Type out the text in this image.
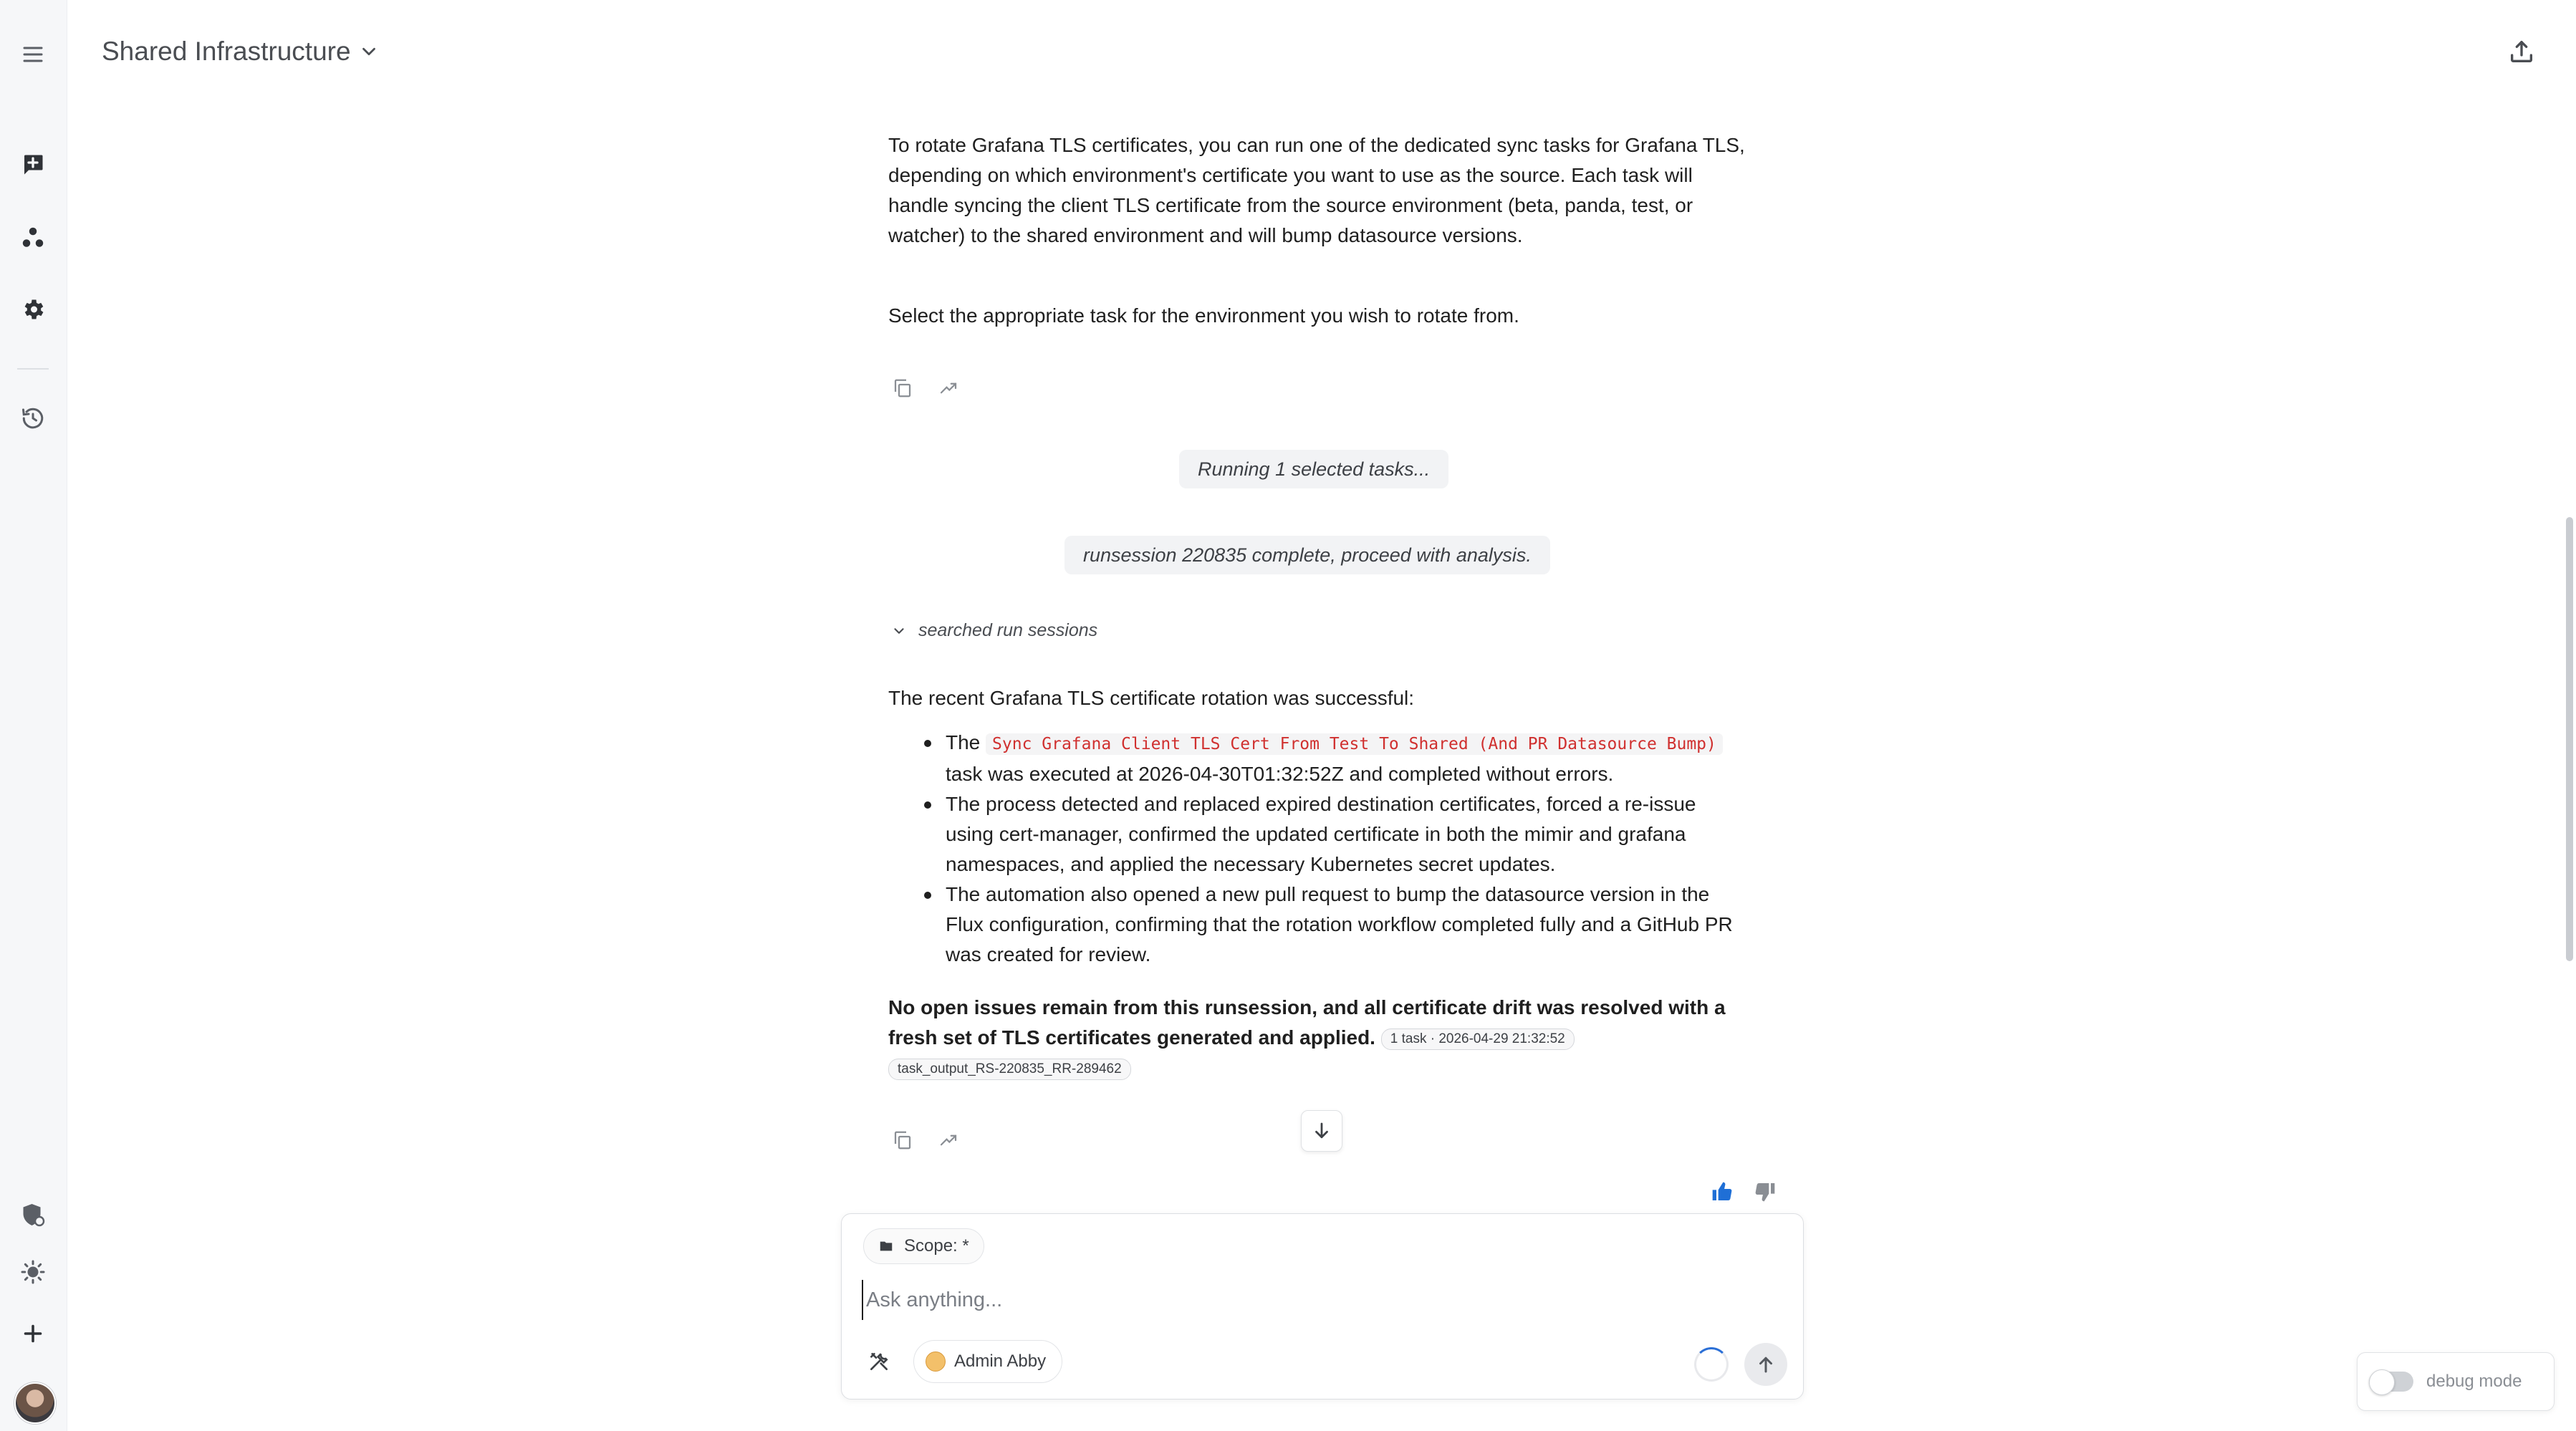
Shared Infrastructure

To rotate Grafana TLS certificates, you can run one of the dedicated sync tasks for Grafana TLS, depending on which environment's certificate you want to use as the source. Each task will handle syncing the client TLS certificate from the source environment (beta, panda, test, or watcher) to the shared environment and will bump datasource versions.

Select the appropriate task for the environment you wish to rotate from.

Running 1 selected tasks...
runsession 220835 complete, proceed with analysis.
searched run sessions

The recent Grafana TLS certificate rotation was successful:

The Sync Grafana Client TLS Cert From Test To Shared (And PR Datasource Bump)
task was executed at 2026-04-30T01:32:52Z and completed without errors.
The process detected and replaced expired destination certificates, forced a re-issue using cert-manager, confirmed the updated certificate in both the mimir and grafana namespaces, and applied the necessary Kubernetes secret updates.
The automation also opened a new pull request to bump the datasource version in the Flux configuration, confirming that the rotation workflow completed fully and a GitHub PR was created for review.

No open issues remain from this runsession, and all certificate drift was resolved with a fresh set of TLS certificates generated and applied. 1 task · 2026-04-29 21:32:52 task_output_RS-220835_RR-289462

Scope: *
Ask anything...
Admin Abby
debug mode
